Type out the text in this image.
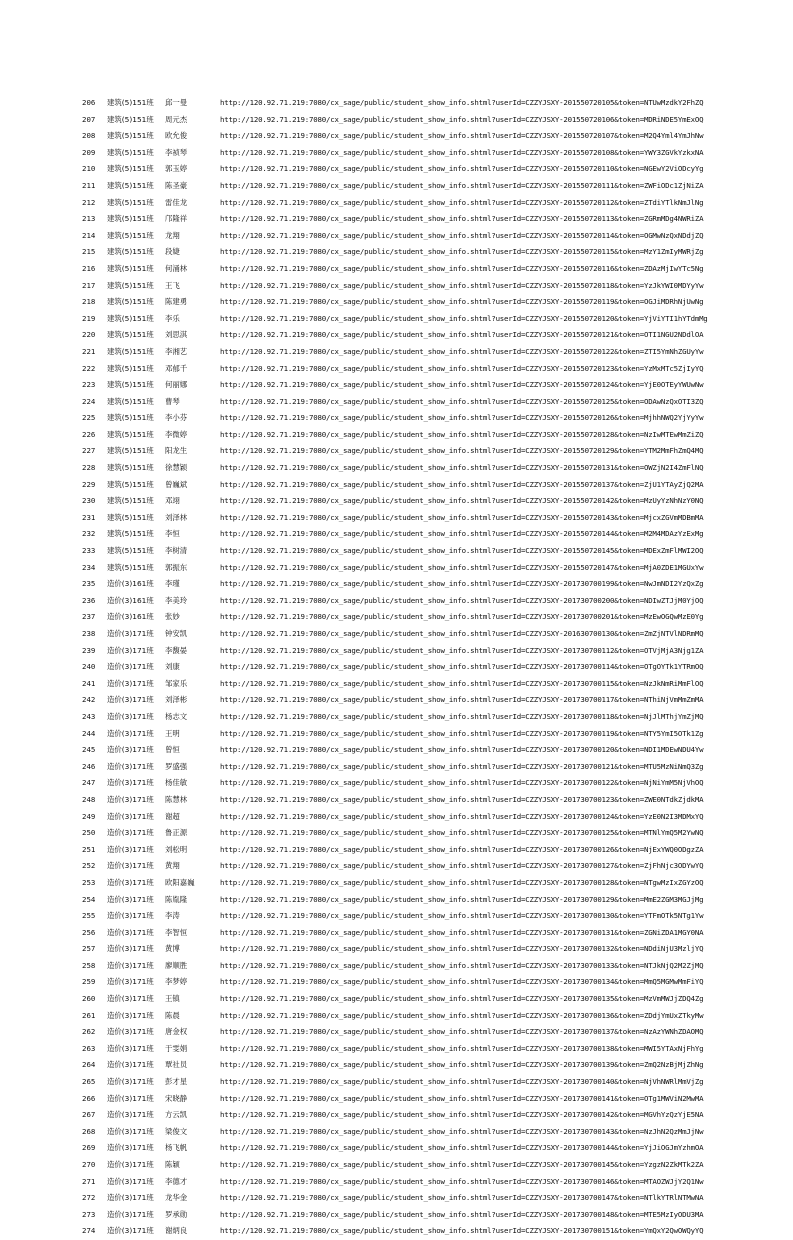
206 建筑(5)151班 邱一曼	http://120.92.71.219:7080/cx_sage/public/student_show_info.shtml?userId=CZZYJSXY-201550720105&token=NTUwMzdkY2FhZQ
207 建筑(5)151班 周元杰	http://120.92.71.219:7080/cx_sage/public/student_show_info.shtml?userId=CZZYJSXY-201550720106&token=MDRiNDE5YmExOQ
208 建筑(5)151班 欧允俊	http://120.92.71.219:7080/cx_sage/public/student_show_info.shtml?userId=CZZYJSXY-201550720107&token=M2Q4Yml4YmJhNw
209 建筑(5)151班 李祯琴	http://120.92.71.219:7080/cx_sage/public/student_show_info.shtml?userId=CZZYJSXY-201550720108&token=YWY3ZGVkYzkxNA
210 建筑(5)151班 郭玉婷	http://120.92.71.219:7080/cx_sage/public/student_show_info.shtml?userId=CZZYJSXY-201550720110&token=NGEwY2ViODcyYg
211 建筑(5)151班 陈圣豪	http://120.92.71.219:7080/cx_sage/public/student_show_info.shtml?userId=CZZYJSXY-201550720111&token=ZWFiODc1ZjNiZA
212 建筑(5)151班 雷佳龙	http://120.92.71.219:7080/cx_sage/public/student_show_info.shtml?userId=CZZYJSXY-201550720112&token=ZTdiYTlkNmJlNg
213 建筑(5)151班 邝隆祥	http://120.92.71.219:7080/cx_sage/public/student_show_info.shtml?userId=CZZYJSXY-201550720113&token=ZGRmMDg4NWRiZA
214 建筑(5)151班 龙翔	http://120.92.71.219:7080/cx_sage/public/student_show_info.shtml?userId=CZZYJSXY-201550720114&token=OGMwNzQxNDdjZQ
215 建筑(5)151班 段婕	http://120.92.71.219:7080/cx_sage/public/student_show_info.shtml?userId=CZZYJSXY-201550720115&token=MzY1ZmIyMWRjZg
216 建筑(5)151班 何涌林	http://120.92.71.219:7080/cx_sage/public/student_show_info.shtml?userId=CZZYJSXY-201550720116&token=ZDAzMjIwYTc5Ng
217 建筑(5)151班 王飞	http://120.92.71.219:7080/cx_sage/public/student_show_info.shtml?userId=CZZYJSXY-201550720118&token=YzJkYWI0MDYyYw
218 建筑(5)151班 陈建勇	http://120.92.71.219:7080/cx_sage/public/student_show_info.shtml?userId=CZZYJSXY-201550720119&token=OGJiMDRhNjUwNg
219 建筑(5)151班 李乐	http://120.92.71.219:7080/cx_sage/public/student_show_info.shtml?userId=CZZYJSXY-201550720120&token=YjViYTI1hYTdmMg
220 建筑(5)151班 刘思淇	http://120.92.71.219:7080/cx_sage/public/student_show_info.shtml?userId=CZZYJSXY-201550720121&token=OTI1NGU2NDdlOA
221 建筑(5)151班 李湘艺	http://120.92.71.219:7080/cx_sage/public/student_show_info.shtml?userId=CZZYJSXY-201550720122&token=ZTI5YmNhZGUyYw
222 建筑(5)151班 邓郁千	http://120.92.71.219:7080/cx_sage/public/student_show_info.shtml?userId=CZZYJSXY-201550720123&token=YzMxMTc5ZjIyYQ
223 建筑(5)151班 何丽娜	http://120.92.71.219:7080/cx_sage/public/student_show_info.shtml?userId=CZZYJSXY-201550720124&token=YjE0OTEyYWUwNw
224 建筑(5)151班 曹琴	http://120.92.71.219:7080/cx_sage/public/student_show_info.shtml?userId=CZZYJSXY-201550720125&token=ODAwNzQxOTI3ZQ
225 建筑(5)151班 李小芬	http://120.92.71.219:7080/cx_sage/public/student_show_info.shtml?userId=CZZYJSXY-201550720126&token=MjhhNWQ2YjYyYw
226 建筑(5)151班 李微婷	http://120.92.71.219:7080/cx_sage/public/student_show_info.shtml?userId=CZZYJSXY-201550720128&token=NzIwMTEwMmZiZQ
227 建筑(5)151班 阳龙生	http://120.92.71.219:7080/cx_sage/public/student_show_info.shtml?userId=CZZYJSXY-201550720129&token=YTM2MmFhZmQ4MQ
228 建筑(5)151班 徐慧颖	http://120.92.71.219:7080/cx_sage/public/student_show_info.shtml?userId=CZZYJSXY-201550720131&token=OWZjN2I4ZmFlNQ
229 建筑(5)151班 曾巍斌	http://120.92.71.219:7080/cx_sage/public/student_show_info.shtml?userId=CZZYJSXY-201550720137&token=ZjU1YTAyZjQ2MA
230 建筑(5)151班 邓翊	http://120.92.71.219:7080/cx_sage/public/student_show_info.shtml?userId=CZZYJSXY-201550720142&token=MzUyYzNhNzY0NQ
231 建筑(5)151班 刘泽林	http://120.92.71.219:7080/cx_sage/public/student_show_info.shtml?userId=CZZYJSXY-201550720143&token=MjcxZGVmMDBmMA
232 建筑(5)151班 李恒	http://120.92.71.219:7080/cx_sage/public/student_show_info.shtml?userId=CZZYJSXY-201550720144&token=M2M4MDAzYzExMg
233 建筑(5)151班 李树清	http://120.92.71.219:7080/cx_sage/public/student_show_info.shtml?userId=CZZYJSXY-201550720145&token=MDExZmFlMWI2OQ
234 建筑(5)151班 郭振东	http://120.92.71.219:7080/cx_sage/public/student_show_info.shtml?userId=CZZYJSXY-201550720147&token=MjA0ZDE1MGUxYw
235 造价(3)161班 李瑾	http://120.92.71.219:7080/cx_sage/public/student_show_info.shtml?userId=CZZYJSXY-201730700199&token=NwJmNDI2YzQxZg
236 造价(3)161班 李美玲	http://120.92.71.219:7080/cx_sage/public/student_show_info.shtml?userId=CZZYJSXY-201730700200&token=NDIwZTJjM0YjOQ
237 造价(3)161班 张妙	http://120.92.71.219:7080/cx_sage/public/student_show_info.shtml?userId=CZZYJSXY-201730700201&token=MzEwOGQwMzE0Yg
238 造价(3)171班 钟安凯	http://120.92.71.219:7080/cx_sage/public/student_show_info.shtml?userId=CZZYJSXY-201630700130&token=ZmZjNTVlNDRmMQ
239 造价(3)171班 李馥晏	http://120.92.71.219:7080/cx_sage/public/student_show_info.shtml?userId=CZZYJSXY-201730700112&token=OTVjMjA3Njg1ZA
240 造价(3)171班 刘康	http://120.92.71.219:7080/cx_sage/public/student_show_info.shtml?userId=CZZYJSXY-201730700114&token=OTgOYTk1YTRmOQ
241 造价(3)171班 邹家乐	http://120.92.71.219:7080/cx_sage/public/student_show_info.shtml?userId=CZZYJSXY-201730700115&token=NzJkNmRiMmFlOQ
242 造价(3)171班 刘泽彬	http://120.92.71.219:7080/cx_sage/public/student_show_info.shtml?userId=CZZYJSXY-201730700117&token=NThiNjVmMmZmMA
243 造价(3)171班 杨志文	http://120.92.71.219:7080/cx_sage/public/student_show_info.shtml?userId=CZZYJSXY-201730700118&token=NjJlMThjYmZjMQ
244 造价(3)171班 王明	http://120.92.71.219:7080/cx_sage/public/student_show_info.shtml?userId=CZZYJSXY-201730700119&token=NTY5YmI5OTk1Zg
245 造价(3)171班 曾恒	http://120.92.71.219:7080/cx_sage/public/student_show_info.shtml?userId=CZZYJSXY-201730700120&token=NDI1MDEwNDU4Yw
246 造价(3)171班 罗盛强	http://120.92.71.219:7080/cx_sage/public/student_show_info.shtml?userId=CZZYJSXY-201730700121&token=MTU5MzNiNmQ3Zg
247 造价(3)171班 杨佳敏	http://120.92.71.219:7080/cx_sage/public/student_show_info.shtml?userId=CZZYJSXY-201730700122&token=NjNiYmM5NjVhOQ
248 造价(3)171班 陈慧林	http://120.92.71.219:7080/cx_sage/public/student_show_info.shtml?userId=CZZYJSXY-201730700123&token=ZWE0NTdkZjdkMA
249 造价(3)171班 谢超	http://120.92.71.219:7080/cx_sage/public/student_show_info.shtml?userId=CZZYJSXY-201730700124&token=YzE0N2I3MDMxYQ
250 造价(3)171班 鲁正源	http://120.92.71.219:7080/cx_sage/public/student_show_info.shtml?userId=CZZYJSXY-201730700125&token=MTNlYmQ5M2YwNQ
251 造价(3)171班 刘松明	http://120.92.71.219:7080/cx_sage/public/student_show_info.shtml?userId=CZZYJSXY-201730700126&token=NjExYWQ0ODgzZA
252 造价(3)171班 黄翔	http://120.92.71.219:7080/cx_sage/public/student_show_info.shtml?userId=CZZYJSXY-201730700127&token=ZjFhNjc3ODYwYQ
253 造价(3)171班 欧阳嘉巍	http://120.92.71.219:7080/cx_sage/public/student_show_info.shtml?userId=CZZYJSXY-201730700128&token=NTgwMzIxZGYzOQ
254 造价(3)171班 陈胤隆	http://120.92.71.219:7080/cx_sage/public/student_show_info.shtml?userId=CZZYJSXY-201730700129&token=MmE2ZGM3MGJjMg
255 造价(3)171班 李涛	http://120.92.71.219:7080/cx_sage/public/student_show_info.shtml?userId=CZZYJSXY-201730700130&token=YTFmOTk5NTg1Yw
256 造价(3)171班 李智恒	http://120.92.71.219:7080/cx_sage/public/student_show_info.shtml?userId=CZZYJSXY-201730700131&token=ZGNiZDA1MGY0NA
257 造价(3)171班 黄博	http://120.92.71.219:7080/cx_sage/public/student_show_info.shtml?userId=CZZYJSXY-201730700132&token=NDdiNjU3MzljYQ
258 造价(3)171班 廖顺胜	http://120.92.71.219:7080/cx_sage/public/student_show_info.shtml?userId=CZZYJSXY-201730700133&token=NTJkNjQ2M2ZjMQ
259 造价(3)171班 李梦婷	http://120.92.71.219:7080/cx_sage/public/student_show_info.shtml?userId=CZZYJSXY-201730700134&token=MmQ5MGMwMmFiYQ
260 造价(3)171班 王镇	http://120.92.71.219:7080/cx_sage/public/student_show_info.shtml?userId=CZZYJSXY-201730700135&token=MzVmMWJjZDQ4Zg
261 造价(3)171班 陈晨	http://120.92.71.219:7080/cx_sage/public/student_show_info.shtml?userId=CZZYJSXY-201730700136&token=ZDdjYmUxZTkyMw
262 造价(3)171班 唐金权	http://120.92.71.219:7080/cx_sage/public/student_show_info.shtml?userId=CZZYJSXY-201730700137&token=NzAzYWNhZDAOMQ
263 造价(3)171班 于雯娟	http://120.92.71.219:7080/cx_sage/public/student_show_info.shtml?userId=CZZYJSXY-201730700138&token=MWI5YTAxNjFhYg
264 造价(3)171班 覃社员	http://120.92.71.219:7080/cx_sage/public/student_show_info.shtml?userId=CZZYJSXY-201730700139&token=ZmQ2NzBjMjZhNg
265 造价(3)171班 彭才星	http://120.92.71.219:7080/cx_sage/public/student_show_info.shtml?userId=CZZYJSXY-201730700140&token=NjVhNWRlMmVjZg
266 造价(3)171班 宋晓静	http://120.92.71.219:7080/cx_sage/public/student_show_info.shtml?userId=CZZYJSXY-201730700141&token=OTg1MWViN2MwMA
267 造价(3)171班 方云凯	http://120.92.71.219:7080/cx_sage/public/student_show_info.shtml?userId=CZZYJSXY-201730700142&token=MGVhYzQzYjE5NA
268 造价(3)171班 梁俊文	http://120.92.71.219:7080/cx_sage/public/student_show_info.shtml?userId=CZZYJSXY-201730700143&token=NzJhN2QzMmJjNw
269 造价(3)171班 杨飞帆	http://120.92.71.219:7080/cx_sage/public/student_show_info.shtml?userId=CZZYJSXY-201730700144&token=YjJiOGJmYzhmOA
270 造价(3)171班 陈颖	http://120.92.71.219:7080/cx_sage/public/student_show_info.shtml?userId=CZZYJSXY-201730700145&token=YzgzN2ZkMTk2ZA
271 造价(3)171班 李德才	http://120.92.71.219:7080/cx_sage/public/student_show_info.shtml?userId=CZZYJSXY-201730700146&token=MTAOZWJjY2Q1Nw
272 造价(3)171班 龙华金	http://120.92.71.219:7080/cx_sage/public/student_show_info.shtml?userId=CZZYJSXY-201730700147&token=NTlkYTRlNTMwNA
273 造价(3)171班 罗承勋	http://120.92.71.219:7080/cx_sage/public/student_show_info.shtml?userId=CZZYJSXY-201730700148&token=MTE5MzIyODU3MA
274 造价(3)171班 谢炳良	http://120.92.71.219:7080/cx_sage/public/student_show_info.shtml?userId=CZZYJSXY-201730700151&token=YmQxY2QwOWQyYQ
